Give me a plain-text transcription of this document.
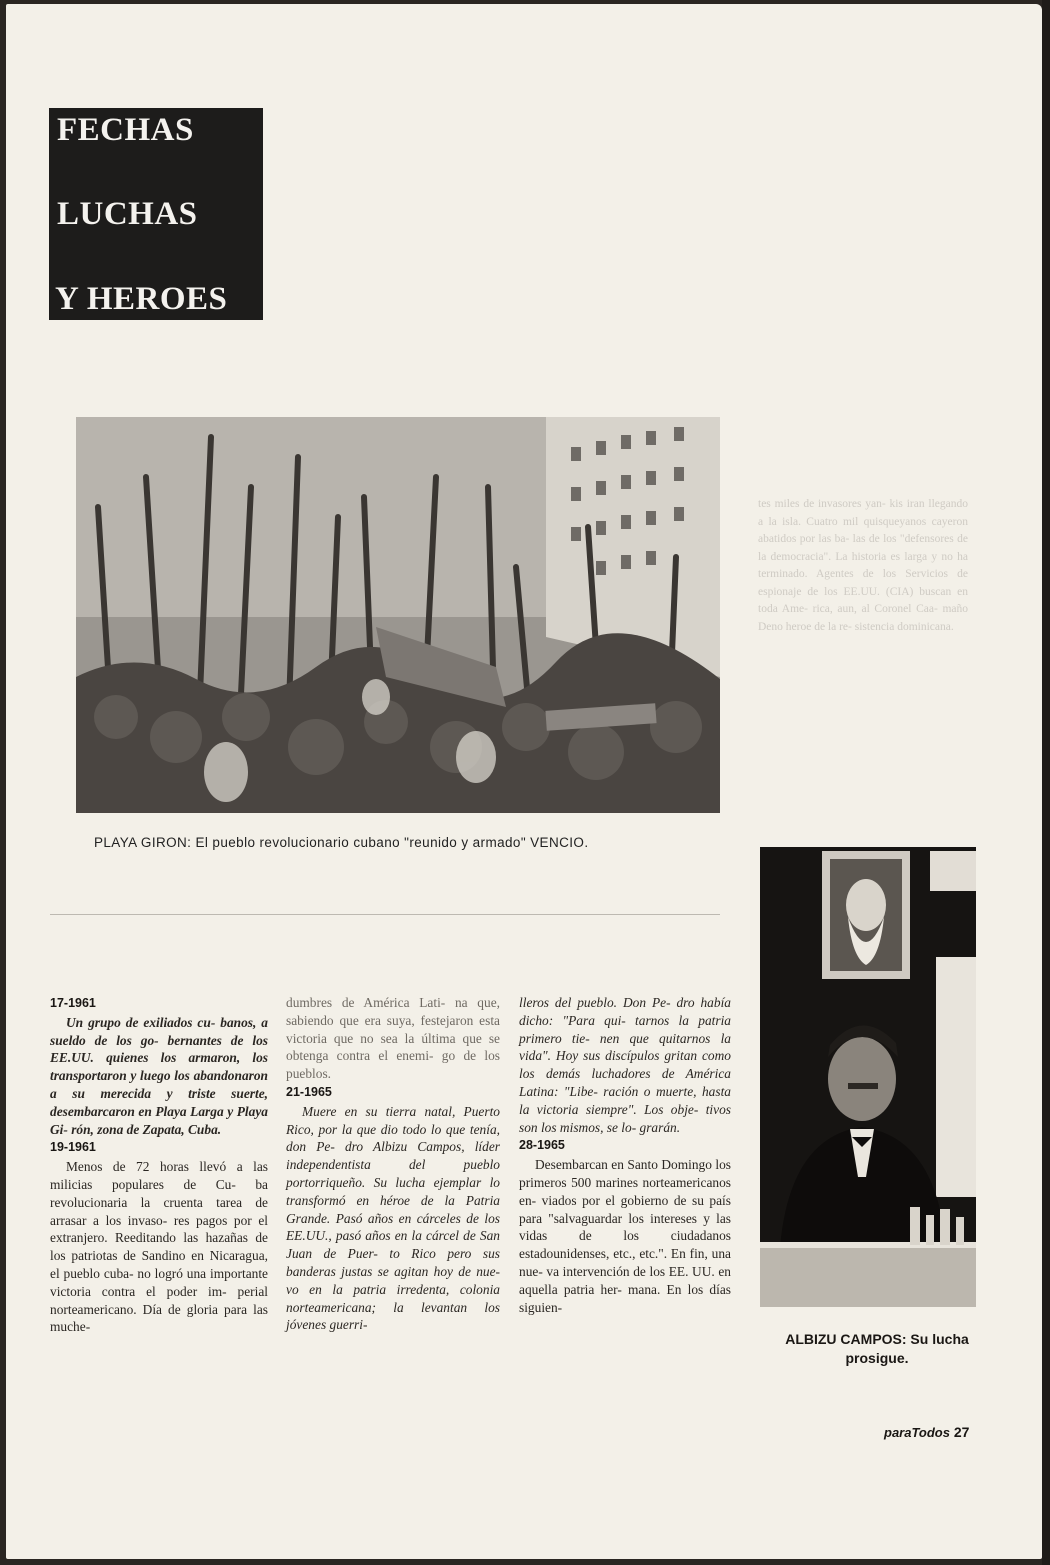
FECHAS
LUCHAS
Y HEROES
PLAYA GIRON: El pueblo revolucionario cubano "reunido y armado" VENCIO.
tes miles de invasores yan- kis iran llegando a la isla. Cuatro mil quisqueyanos cayeron abatidos por las ba- las de los "defensores de la democracia". La historia es larga y no ha terminado. Agentes de los Servicios de espionaje de los EE.UU. (CIA) buscan en toda Ame- rica, aun, al Coronel Caa- maño Deno heroe de la re- sistencia dominicana.
17-1961
Un grupo de exiliados cu- banos, a sueldo de los go- bernantes de los EE.UU. quienes los armaron, los transportaron y luego los abandonaron a su merecida y triste suerte, desembarcaron en Playa Larga y Playa Gi- rón, zona de Zapata, Cuba.
19-1961
Menos de 72 horas llevó a las milicias populares de Cu- ba revolucionaria la cruenta tarea de arrasar a los invaso- res pagos por el extranjero. Reeditando las hazañas de los patriotas de Sandino en Nicaragua, el pueblo cuba- no logró una importante victoria contra el poder im- perial norteamericano. Día de gloria para las muche-
dumbres de América Lati- na que, sabiendo que era suya, festejaron esta victoria que no sea la última que se obtenga contra el enemi- go de los pueblos.
21-1965
Muere en su tierra natal, Puerto Rico, por la que dio todo lo que tenía, don Pe- dro Albizu Campos, líder independentista del pueblo portorriqueño. Su lucha ejemplar lo transformó en héroe de la Patria Grande. Pasó años en cárceles de los EE.UU., pasó años en la cárcel de San Juan de Puer- to Rico pero sus banderas justas se agitan hoy de nue- vo en la patria irredenta, colonia norteamericana; la levantan los jóvenes guerri-
lleros del pueblo. Don Pe- dro había dicho: "Para qui- tarnos la patria primero tie- nen que quitarnos la vida". Hoy sus discípulos gritan como los demás luchadores de América Latina: "Libe- ración o muerte, hasta la victoria siempre". Los obje- tivos son los mismos, se lo- grarán.
28-1965
Desembarcan en Santo Domingo los primeros 500 marines norteamericanos en- viados por el gobierno de su país para "salvaguardar los intereses y las vidas de los ciudadanos estadounidenses, etc., etc.". En fin, una nue- va intervención de los EE. UU. en aquella patria her- mana. En los días siguien-
ALBIZU CAMPOS: Su lucha prosigue.
paraTodos 27
